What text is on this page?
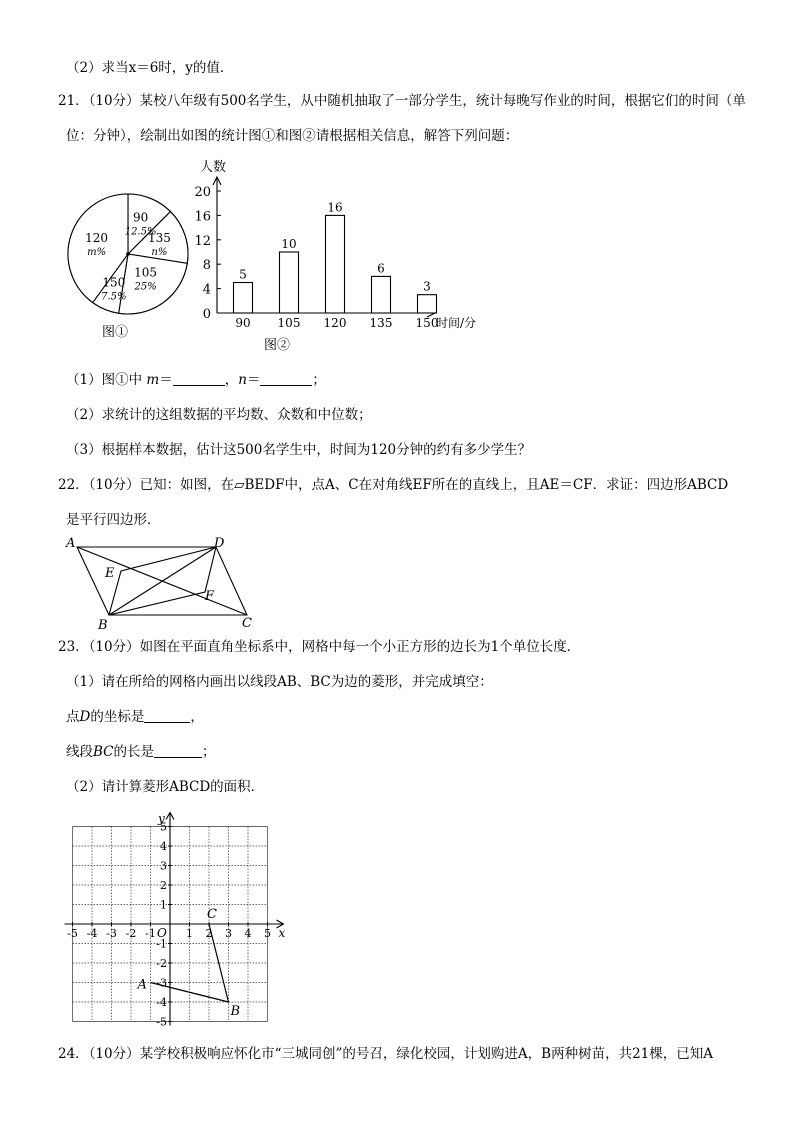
（2）求当x＝6时，y的值．
21．（10分）某校八年级有500名学生，从中随机抽取了一部分学生，统计每晚写作业的时间，根据它们的时间（单
位：分钟），绘制出如图的统计图①和图②请根据相关信息，解答下列问题：
90
12.5%
135
n%
105
25%
150
7.5%
120
m%
图①
0
4
8
12
16
20
5
90
10
105
16
120
6
135
3
150
人数
时间/分
图②
（1）图①中 m＝	，n＝	；
（2）求统计的这组数据的平均数、众数和中位数；
（3）根据样本数据，估计这500名学生中，时间为120分钟的约有多少学生？
22．（10分）已知：如图，在▱BEDF中，点A、C在对角线EF所在的直线上，且AE＝CF．求证：四边形ABCD
是平行四边形．
A	D
E
F
B	C
23．（10分）如图在平面直角坐标系中，网格中每一个小正方形的边长为1个单位长度．
（1）请在所给的网格内画出以线段AB、BC为边的菱形，并完成填空：
点D的坐标是	，
线段BC的长是	；
（2）请计算菱形ABCD的面积．
x
y
O
-5 -4 -3 -2 -1	1 2 3 4 5
5
4
3
2
1
-1
-2
-3
-4
-5
A
B
C
24．（10分）某学校积极响应怀化市“三城同创”的号召，绿化校园，计划购进A，B两种树苗，共21棵，已知A
